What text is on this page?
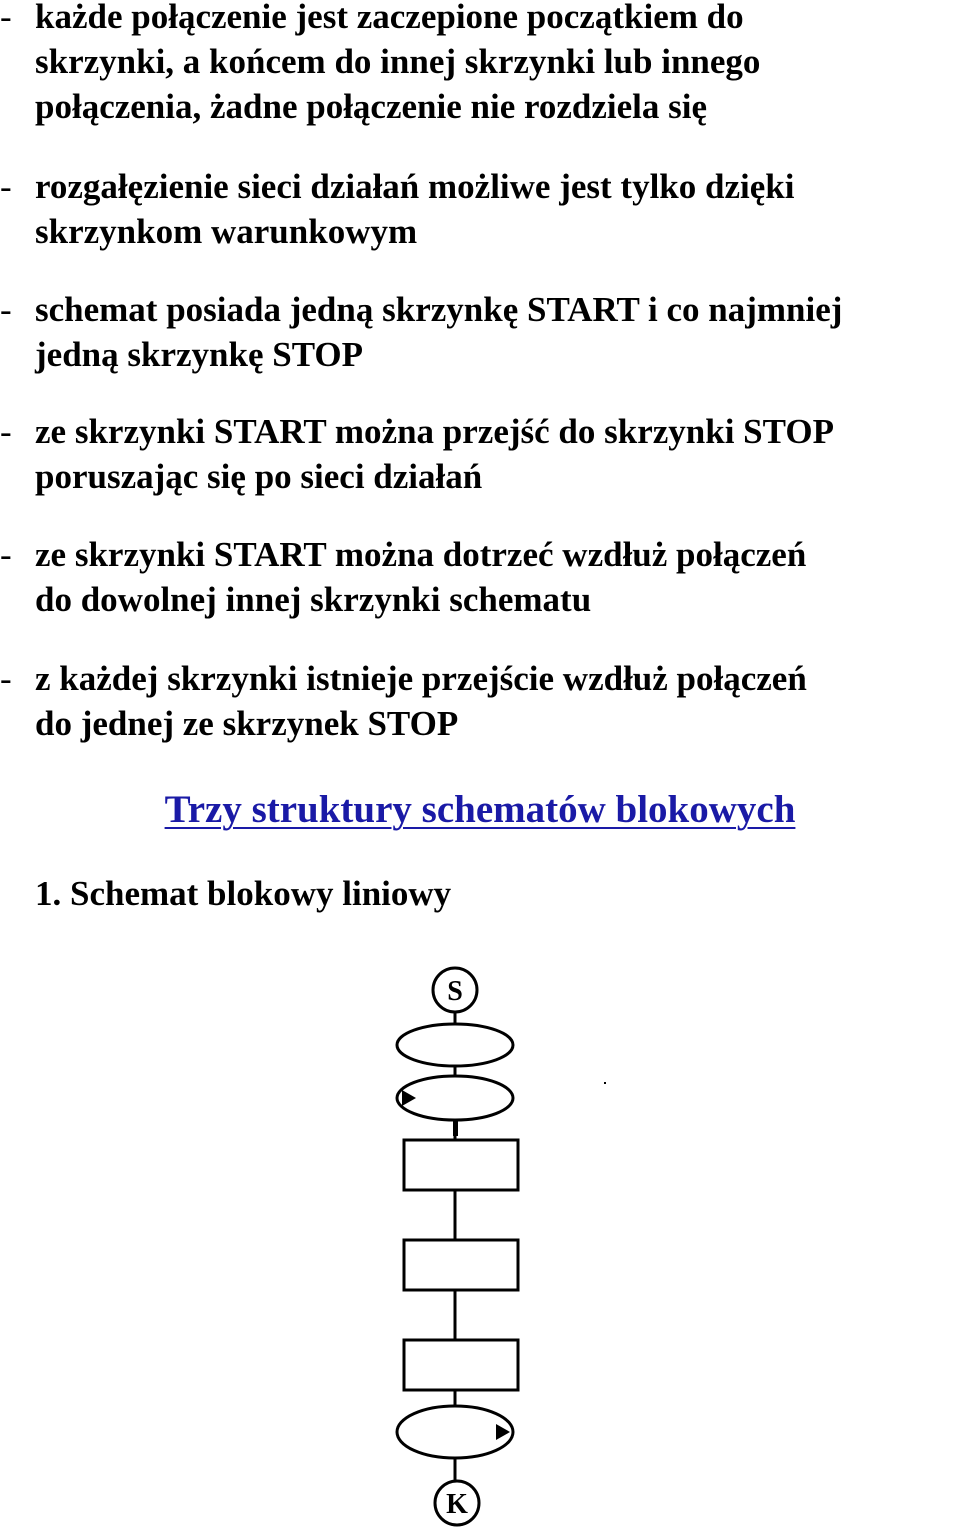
- każde połączenie jest zaczepione początkiem do
skrzynki, a końcem do innej skrzynki lub innego
połączenia, żadne połączenie nie rozdziela się
- rozgałęzienie sieci działań możliwe jest tylko dzięki
skrzynkom warunkowym
- schemat posiada jedną skrzynkę START i co najmniej
jedną skrzynkę STOP
- ze skrzynki START można przejść do skrzynki STOP
poruszając się po sieci działań
- ze skrzynki START można dotrzeć wzdłuż połączeń
do dowolnej innej skrzynki schematu
- z każdej skrzynki istnieje przejście wzdłuż połączeń
do jednej ze skrzynek STOP
Trzy struktury schematów blokowych
1. Schemat blokowy liniowy
S
K
